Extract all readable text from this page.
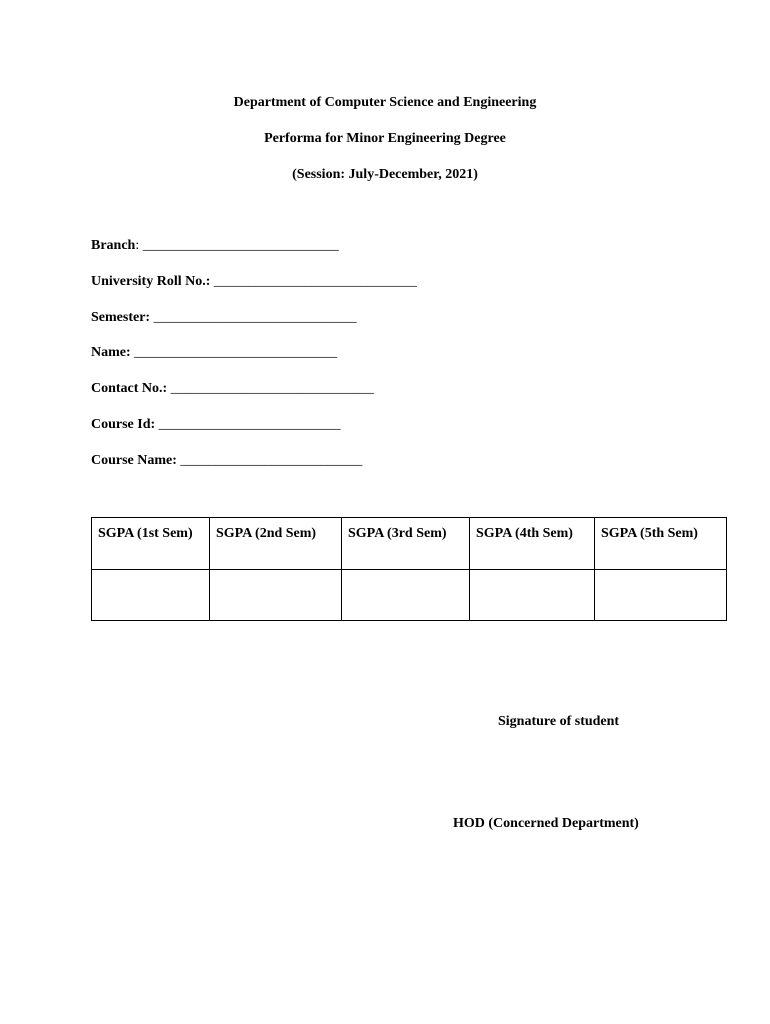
Department of Computer Science and Engineering
Performa for Minor Engineering Degree
(Session: July-December, 2021)
Branch: ____________________________
University Roll No.: _____________________________
Semester: _____________________________
Name: _____________________________
Contact No.: _____________________________
Course Id: __________________________
Course Name: __________________________
SGPA (1st Sem)	SGPA (2nd Sem)	SGPA (3rd Sem)	SGPA (4th Sem)	SGPA (5th Sem)

Signature of student
HOD (Concerned Department)
